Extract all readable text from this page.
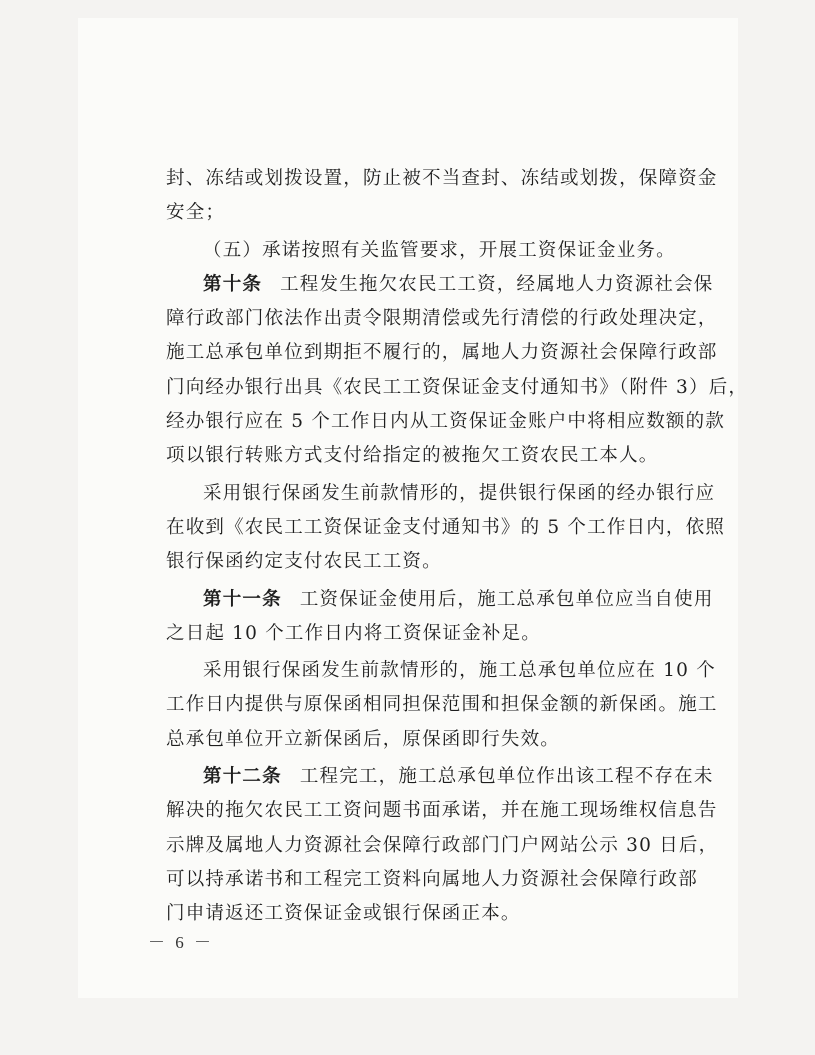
封、冻结或划拨设置，防止被不当查封、冻结或划拨，保障资金
安全；
（五）承诺按照有关监管要求，开展工资保证金业务。
第十条 工程发生拖欠农民工工资，经属地人力资源社会保
障行政部门依法作出责令限期清偿或先行清偿的行政处理决定，
施工总承包单位到期拒不履行的，属地人力资源社会保障行政部
门向经办银行出具《农民工工资保证金支付通知书》（附件 3）后，
经办银行应在 5 个工作日内从工资保证金账户中将相应数额的款
项以银行转账方式支付给指定的被拖欠工资农民工本人。
采用银行保函发生前款情形的，提供银行保函的经办银行应
在收到《农民工工资保证金支付通知书》的 5 个工作日内，依照
银行保函约定支付农民工工资。
第十一条 工资保证金使用后，施工总承包单位应当自使用
之日起 10 个工作日内将工资保证金补足。
采用银行保函发生前款情形的，施工总承包单位应在 10 个
工作日内提供与原保函相同担保范围和担保金额的新保函。施工
总承包单位开立新保函后，原保函即行失效。
第十二条 工程完工，施工总承包单位作出该工程不存在未
解决的拖欠农民工工资问题书面承诺，并在施工现场维权信息告
示牌及属地人力资源社会保障行政部门门户网站公示 30 日后，
可以持承诺书和工程完工资料向属地人力资源社会保障行政部
门申请返还工资保证金或银行保函正本。
－ 6 －
